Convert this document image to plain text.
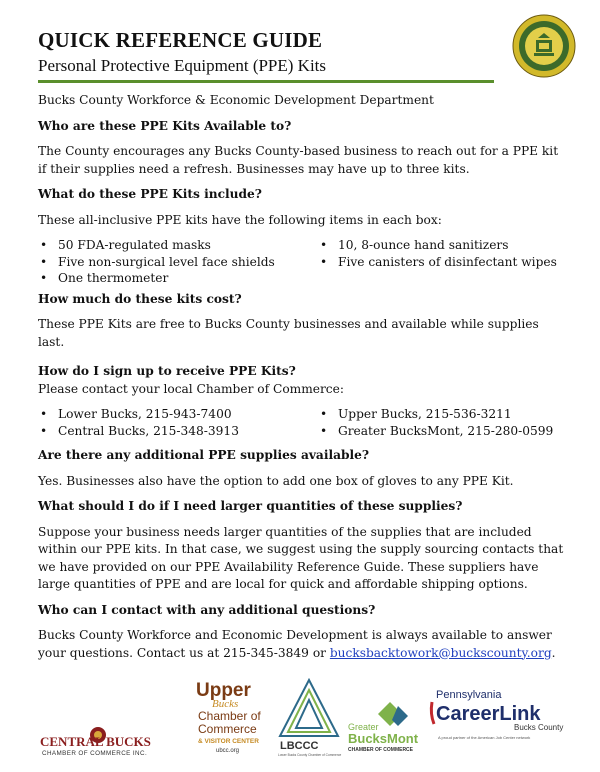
QUICK REFERENCE GUIDE
Personal Protective Equipment (PPE) Kits
Bucks County Workforce & Economic Development Department
Who are these PPE Kits Available to?
The County encourages any Bucks County-based business to reach out for a PPE kit if their supplies need a refresh. Businesses may have up to three kits.
What do these PPE Kits include?
These all-inclusive PPE kits have the following items in each box:
• 50 FDA-regulated masks
• Five non-surgical level face shields
• One thermometer
• 10, 8-ounce hand sanitizers
• Five canisters of disinfectant wipes
How much do these kits cost?
These PPE Kits are free to Bucks County businesses and available while supplies last.
How do I sign up to receive PPE Kits?
Please contact your local Chamber of Commerce:
• Lower Bucks, 215-943-7400
• Central Bucks, 215-348-3913
• Upper Bucks, 215-536-3211
• Greater BucksMont, 215-280-0599
Are there any additional PPE supplies available?
Yes. Businesses also have the option to add one box of gloves to any PPE Kit.
What should I do if I need larger quantities of these supplies?
Suppose your business needs larger quantities of the supplies that are included within our PPE kits. In that case, we suggest using the supply sourcing contacts that we have provided on our PPE Availability Reference Guide. These suppliers have large quantities of PPE and are local for quick and affordable shipping options.
Who can I contact with any additional questions?
Bucks County Workforce and Economic Development is always available to answer your questions. Contact us at 215-345-3849 or bucksbacktowork@buckscounty.org.
CENTRAL BUCKS
CHAMBER OF COMMERCE INC.
Upper
Bucks
Chamber of
Commerce
& VISITOR CENTER
ubcc.org	LBCCC
Lower Bucks County Chamber of Commerce
Greater
BucksMont
CHAMBER OF COMMERCE
Pennsylvania
CareerLink
Bucks County
A proud partner of the American Job Center network
